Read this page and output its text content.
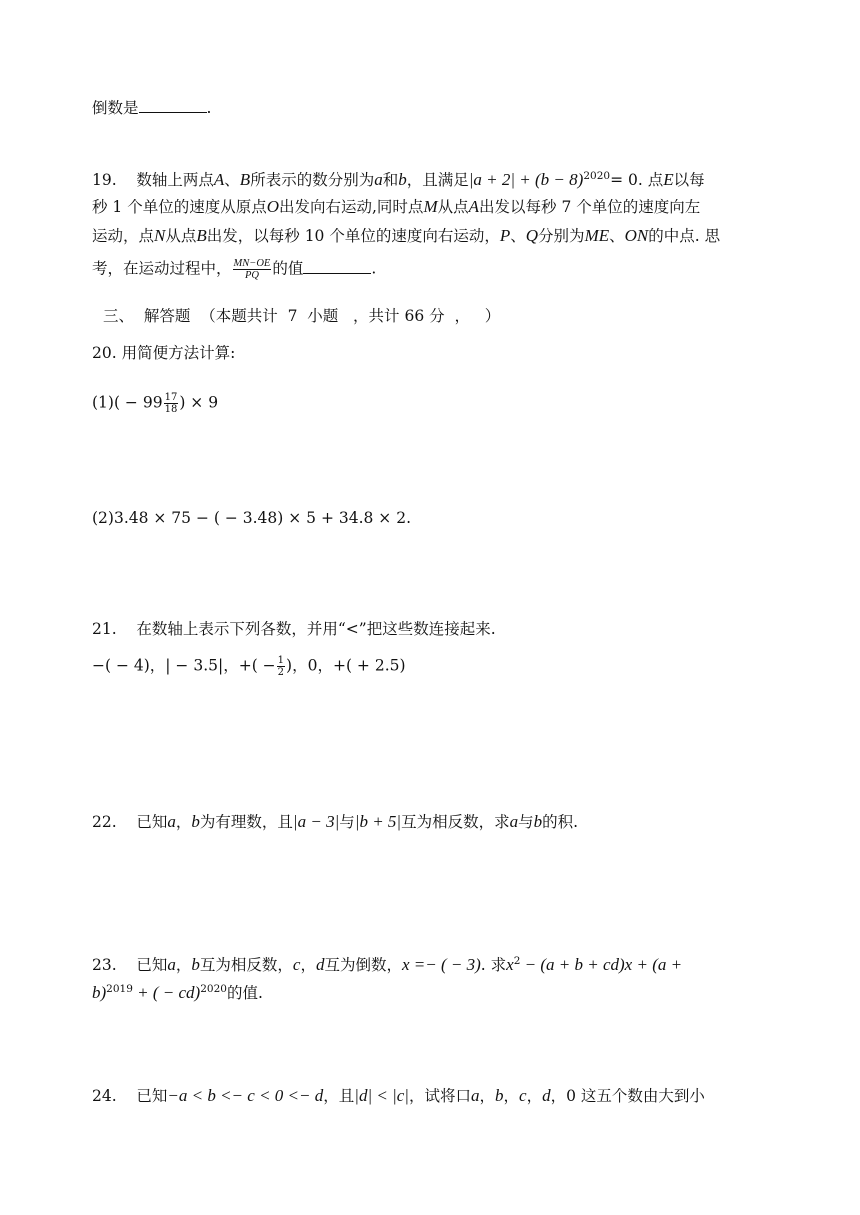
倒数是	.
19. 数轴上两点A、B所表示的数分别为a和b，且满足$|a + 2| + (b - 8)^{2020}= 0$. 点E以每
秒 1 个单位的速度从原点O出发向右运动,同时点M从点A出发以每秒 7 个单位的速度向左
运动，点N从点B出发，以每秒 10 个单位的速度向右运动，P、Q分别为ME、ON的中点. 思
考，在运动过程中， $\frac{MN-OE}{PQ}$ 的值	.
三、  解答题  （本题共计  7  小题   ，共计 66 分  ，   ）
20. 用简便方法计算:
$(1)( - 99 \frac{17}{18}$ ) × 9
(2)3.48 × 75 − ( − 3.48) × 5 + 34.8 × 2.
21. 在数轴上表示下列各数，并用“<”把这些数连接起来.
−( − 4)，| − 3.5|，+( − $\frac{1}{2}$ )，0，+( + 2.5)
22. 已知a，b为有理数，且|a − 3|与|b + 5|互为相反数，求a与b的积.
23. 已知a，b互为相反数，c，d互为倒数，x =− ( − 3). 求$x^2 - (a + b + cd)x + (a$ +
b)$^{2019}$ + ( − cd)$^{2020}$的值.
24. 已知−a < b <− c < 0 <− d，且|d| < |c|，试将口a，b，c，d，0 这五个数由大到小
